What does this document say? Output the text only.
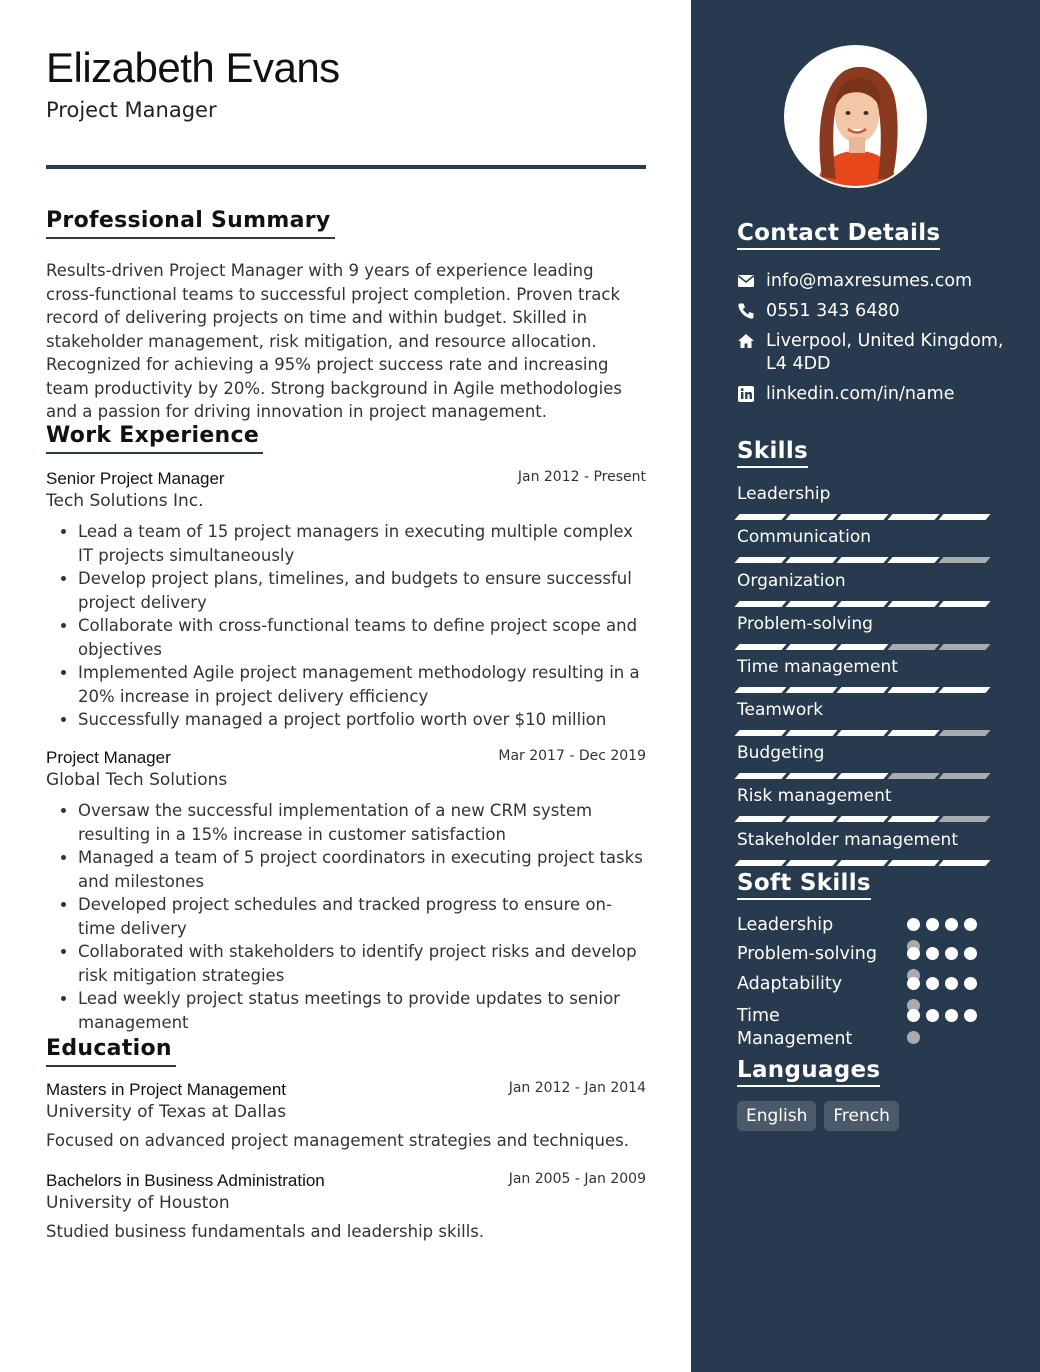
Elizabeth Evans
Project Manager
Professional Summary

Results-driven Project Manager with 9 years of experience leading cross-functional teams to successful project completion. Proven track record of delivering projects on time and within budget. Skilled in stakeholder management, risk mitigation, and resource allocation. Recognized for achieving a 95% project success rate and increasing team productivity by 20%. Strong background in Agile methodologies and a passion for driving innovation in project management.

Work Experience
Senior Project Manager	Jan 2012 - Present
Tech Solutions Inc.
• Lead a team of 15 project managers in executing multiple complex IT projects simultaneously
• Develop project plans, timelines, and budgets to ensure successful project delivery
• Collaborate with cross-functional teams to define project scope and objectives
• Implemented Agile project management methodology resulting in a 20% increase in project delivery efficiency
• Successfully managed a project portfolio worth over $10 million
Project Manager	Mar 2017 - Dec 2019
Global Tech Solutions
• Oversaw the successful implementation of a new CRM system resulting in a 15% increase in customer satisfaction
• Managed a team of 5 project coordinators in executing project tasks and milestones
• Developed project schedules and tracked progress to ensure on-time delivery
• Collaborated with stakeholders to identify project risks and develop risk mitigation strategies
• Lead weekly project status meetings to provide updates to senior management
Education
Masters in Project Management	Jan 2012 - Jan 2014
University of Texas at Dallas
Focused on advanced project management strategies and techniques.
Bachelors in Business Administration	Jan 2005 - Jan 2009
University of Houston
Studied business fundamentals and leadership skills.
Contact Details
info@maxresumes.com
0551 343 6480
Liverpool, United Kingdom,
L4 4DD
linkedin.com/in/name
Skills
Leadership
Communication
Organization
Problem-solving
Time management
Teamwork
Budgeting
Risk management
Stakeholder management
Soft Skills
Leadership
Problem-solving
Adaptability
Time
Management
Languages
English	French
